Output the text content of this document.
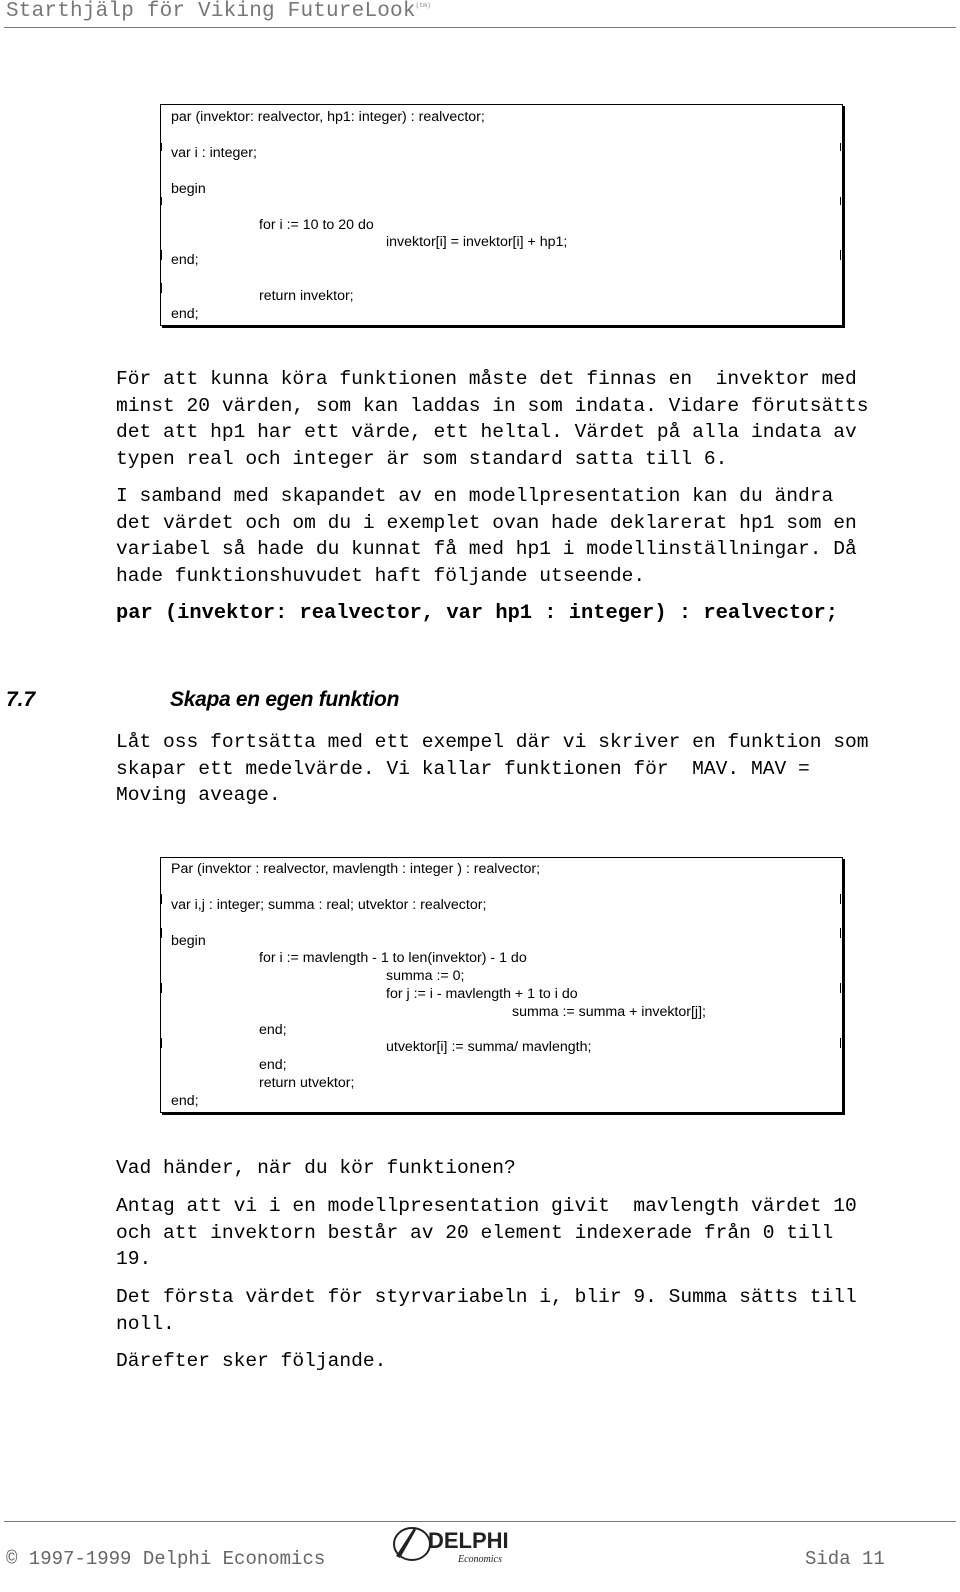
Starthjälp för Viking FutureLook$^{(tm)}$
par (invektor: realvector, hp1: integer) : realvector;
var i : integer;
begin
for i := 10 to 20 do
invektor[i] = invektor[i] + hp1;
end;
return invektor;
end;
För att kunna köra funktionen måste det finnas en  invektor med
minst 20 värden, som kan laddas in som indata. Vidare förutsätts
det att hp1 har ett värde, ett heltal. Värdet på alla indata av
typen real och integer är som standard satta till 6.
I samband med skapandet av en modellpresentation kan du ändra
det värdet och om du i exemplet ovan hade deklarerat hp1 som en
variabel så hade du kunnat få med hp1 i modellinställningar. Då
hade funktionshuvudet haft följande utseende.
par (invektor: realvector, var hp1 : integer) : realvector;
7.7	Skapa en egen funktion
Låt oss fortsätta med ett exempel där vi skriver en funktion som
skapar ett medelvärde. Vi kallar funktionen för  MAV. MAV =
Moving aveage.
Par (invektor : realvector, mavlength : integer ) : realvector;
var i,j : integer; summa : real; utvektor : realvector;
begin
for i := mavlength - 1 to len(invektor) - 1 do
summa := 0;
for j := i - mavlength + 1 to i do
summa := summa + invektor[j];
end;
utvektor[i] := summa/ mavlength;
end;
return utvektor;
end;
Vad händer, när du kör funktionen?
Antag att vi i en modellpresentation givit  mavlength värdet 10
och att invektorn består av 20 element indexerade från 0 till
19.
Det första värdet för styrvariabeln i, blir 9. Summa sätts till
noll.
Därefter sker följande.
© 1997-1999 Delphi Economics
DELPHI
Economics	Sida 11
